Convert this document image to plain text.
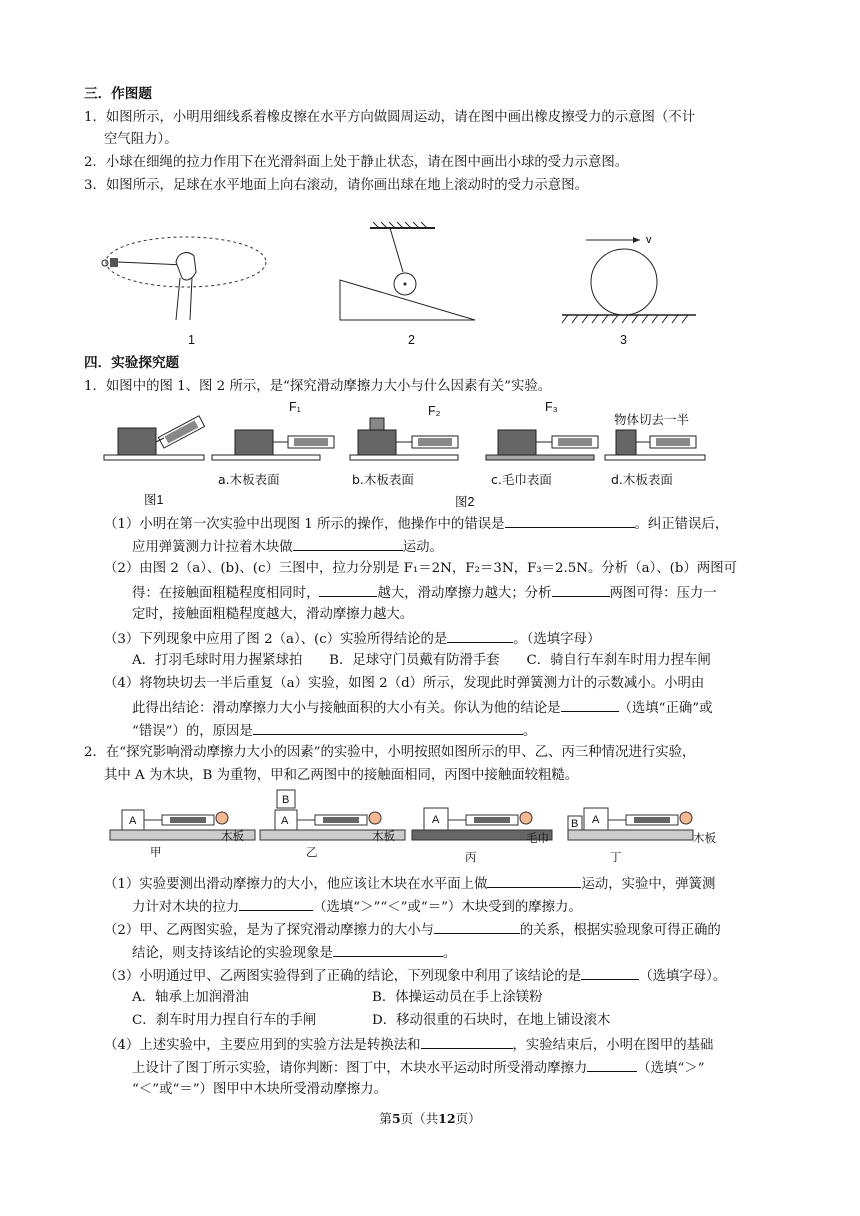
三．作图题
1．如图所示，小明用细线系着橡皮擦在水平方向做圆周运动，请在图中画出橡皮擦受力的示意图（不计
空气阻力）。
2．小球在细绳的拉力作用下在光滑斜面上处于静止状态，请在图中画出小球的受力示意图。
3．如图所示，足球在水平地面上向右滚动，请你画出球在地上滚动时的受力示意图。
1	2
v
3
四．实验探究题
1．如图中的图 1、图 2 所示，是“探究滑动摩擦力大小与什么因素有关”实验。
F₁	F₂	F₃
物体切去一半
a.木板表面	b.木板表面	c.毛巾表面	d.木板表面
图1	图2
（1）小明在第一次实验中出现图 1 所示的操作，他操作中的错误是	。纠正错误后，
应用弹簧测力计拉着木块做	运动。
（2）由图 2（a）、(b)、(c）三图中，拉力分别是 F₁＝2N，F₂＝3N，F₃＝2.5N。分析（a）、(b）两图可
得：在接触面粗糙程度相同时，	越大，滑动摩擦力越大；分析	两图可得：压力一
定时，接触面粗糙程度越大，滑动摩擦力越大。
（3）下列现象中应用了图 2（a）、(c）实验所得结论的是	。（选填字母）
A．打羽毛球时用力握紧球拍　　B．足球守门员戴有防滑手套　　C．骑自行车刹车时用力捏车闸
（4）将物块切去一半后重复（a）实验，如图 2（d）所示，发现此时弹簧测力计的示数减小。小明由
此得出结论：滑动摩擦力大小与接触面积的大小有关。你认为他的结论是	（选填“正确”或
“错误”）的，原因是	。
2．在“探究影响滑动摩擦力大小的因素”的实验中，小明按照如图所示的甲、乙、丙三种情况进行实验，
其中 A 为木块，B 为重物，甲和乙两图中的接触面相同，丙图中接触面较粗糙。
A	A
B
A	B A
木板	木板	毛巾	木板
甲	乙	丙	丁
（1）实验要测出滑动摩擦力的大小，他应该让木块在水平面上做	运动，实验中，弹簧测
力计对木块的拉力	（选填“＞”“＜”或“＝”）木块受到的摩擦力。
（2）甲、乙两图实验，是为了探究滑动摩擦力的大小与	的关系，根据实验现象可得正确的
结论，则支持该结论的实验现象是	。
（3）小明通过甲、乙两图实验得到了正确的结论，下列现象中利用了该结论的是	（选填字母）。
A．轴承上加润滑油	B．体操运动员在手上涂镁粉
C．刹车时用力捏自行车的手闸	D．移动很重的石块时，在地上铺设滚木
（4）上述实验中，主要应用到的实验方法是转换法和	，实验结束后，小明在图甲的基础
上设计了图丁所示实验，请你判断：图丁中，木块水平运动时所受滑动摩擦力	（选填“＞”
“＜”或“＝”）图甲中木块所受滑动摩擦力。
第5页（共12页）
